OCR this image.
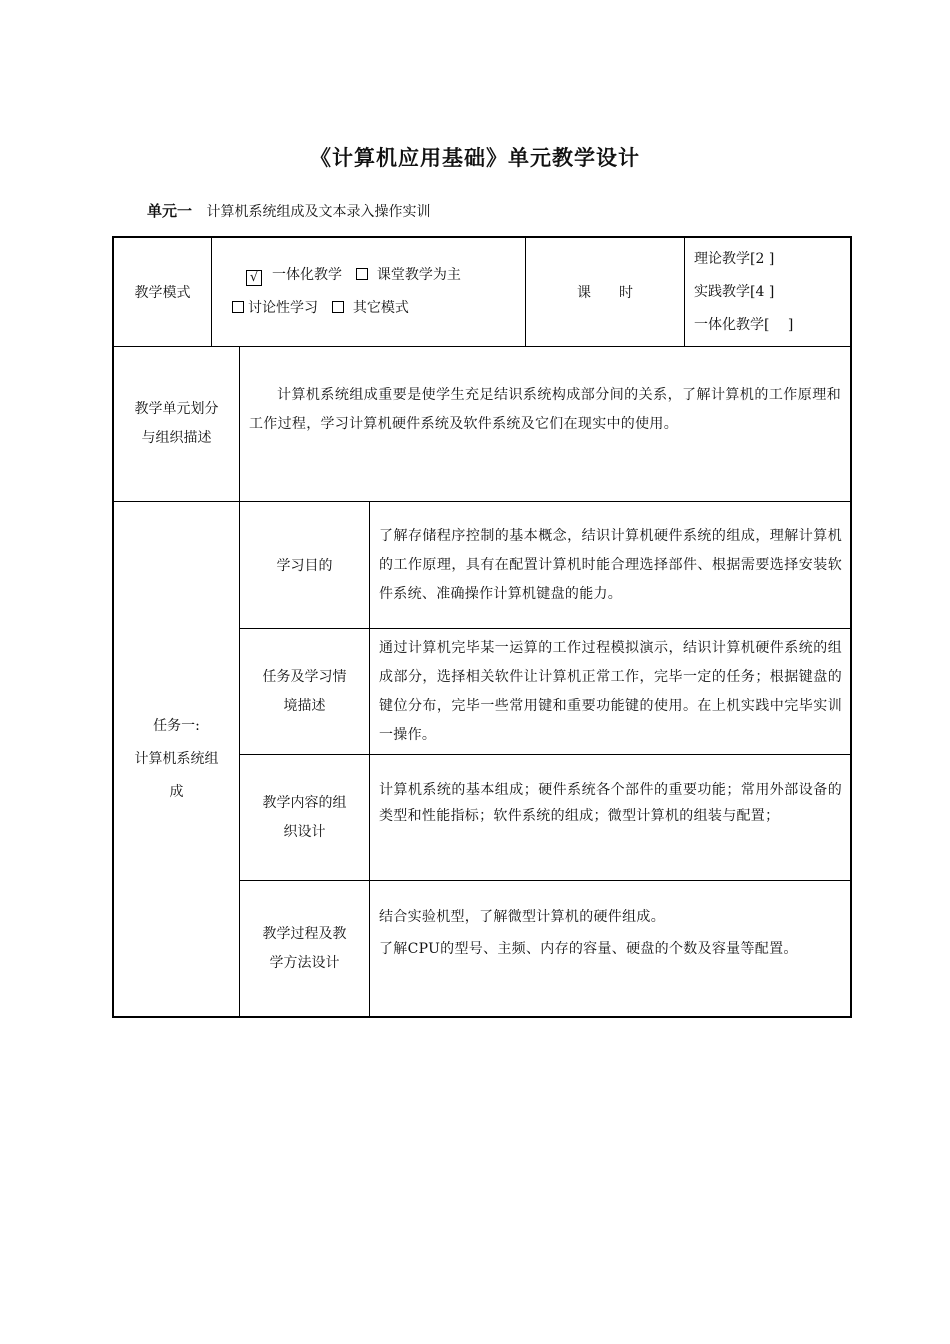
《计算机应用基础》单元教学设计
单元一 计算机系统组成及文本录入操作实训
教学模式
√ 一体化教学 课堂教学为主
讨论性学习 其它模式
课　　时
理论教学[2 ]
实践教学[4 ]
一体化教学[　 ]
教学单元划分
与组织描述
计算机系统组成重要是使学生充足结识系统构成部分间的关系，了解计算机的工作原理和工作过程，学习计算机硬件系统及软件系统及它们在现实中的使用。
任务一:
计算机系统组
成
学习目的
了解存储程序控制的基本概念，结识计算机硬件系统的组成，理解计算机的工作原理，具有在配置计算机时能合理选择部件、根据需要选择安装软件系统、准确操作计算机键盘的能力。
任务及学习情
境描述
通过计算机完毕某一运算的工作过程模拟演示，结识计算机硬件系统的组成部分，选择相关软件让计算机正常工作，完毕一定的任务；根据键盘的键位分布，完毕一些常用键和重要功能键的使用。在上机实践中完毕实训一操作。
教学内容的组
织设计
计算机系统的基本组成；硬件系统各个部件的重要功能；常用外部设备的类型和性能指标；软件系统的组成；微型计算机的组装与配置；
教学过程及教
学方法设计
结合实验机型，了解微型计算机的硬件组成。
了解CPU的型号、主频、内存的容量、硬盘的个数及容量等配置。
